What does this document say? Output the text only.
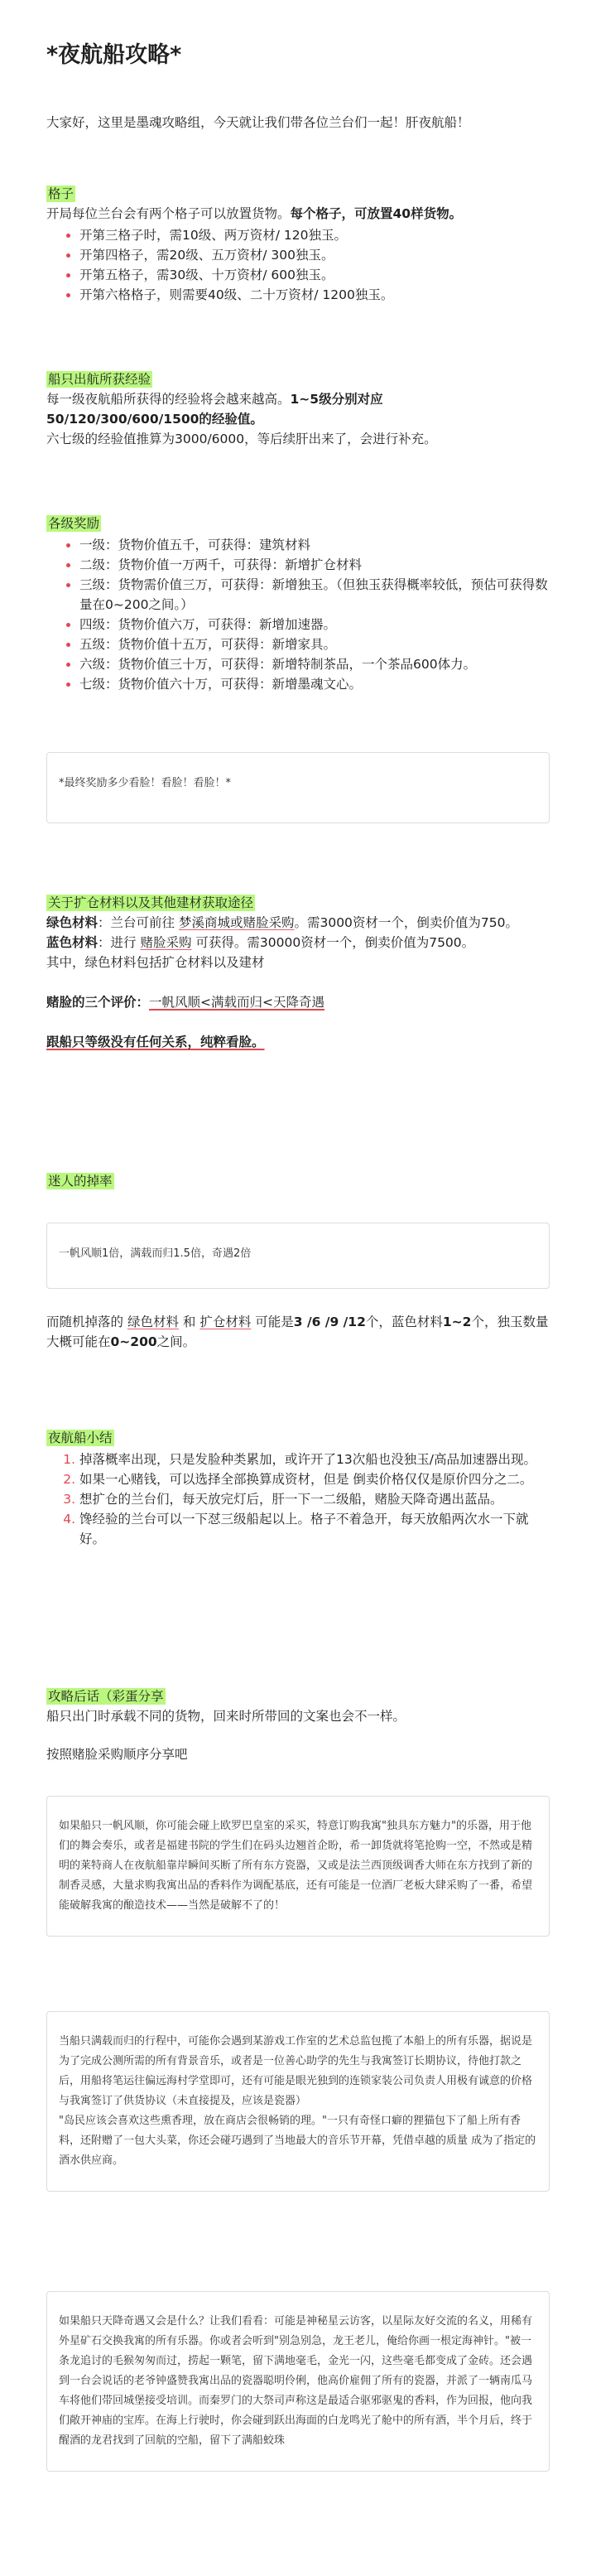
*夜航船攻略*

大家好，这里是墨魂攻略组，今天就让我们带各位兰台们一起！肝夜航船！

格子

开局每位兰台会有两个格子可以放置货物。每个格子，可放置40样货物。

• 开第三格子时，需10级、两万资材/ 120独玉。
• 开第四格子，需20级、五万资材/ 300独玉。
• 开第五格子，需30级、十万资材/ 600独玉。
• 开第六格格子，则需要40级、二十万资材/ 1200独玉。

船只出航所获经验

每一级夜航船所获得的经验将会越来越高。1~5级分别对应

50/120/300/600/1500的经验值。

六七级的经验值推算为3000/6000，等后续肝出来了，会进行补充。

各级奖励

• 一级：货物价值五千，可获得：建筑材料
• 二级：货物价值一万两千，可获得：新增扩仓材料
• 三级：货物需价值三万，可获得：新增独玉。（但独玉获得概率较低，预估可获得数量在0~200之间。）
• 四级：货物价值六万，可获得：新增加速器。
• 五级：货物价值十五万，可获得：新增家具。
• 六级：货物价值三十万，可获得：新增特制茶品，一个茶品600体力。
• 七级：货物价值六十万，可获得：新增墨魂文心。
*最终奖励多少看脸！看脸！看脸！*

关于扩仓材料以及其他建材获取途径

绿色材料：兰台可前往 梦溪商城或赌脸采购。需3000资材一个，倒卖价值为750。

蓝色材料：进行 赌脸采购 可获得。需30000资材一个，倒卖价值为7500。

其中，绿色材料包括扩仓材料以及建材

赌脸的三个评价：一帆风顺<满载而归<天降奇遇

跟船只等级没有任何关系，纯粹看脸。

迷人的掉率

一帆风顺1倍，满载而归1.5倍，奇遇2倍

而随机掉落的 绿色材料 和 扩仓材料 可能是3 /6 /9 /12个，蓝色材料1~2个，独玉数量大概可能在0~200之间。

夜航船小结

1. 掉落概率出现，只是发脸种类累加，或许开了13次船也没独玉/高品加速器出现。
2. 如果一心赌钱，可以选择全部换算成资材，但是 倒卖价格仅仅是原价四分之二。
3. 想扩仓的兰台们，每天放完灯后，肝一下一二级船，赌脸天降奇遇出蓝品。
4. 馋经验的兰台可以一下怼三级船起以上。格子不着急开，每天放船两次水一下就好。

攻略后话（彩蛋分享

船只出门时承载不同的货物，回来时所带回的文案也会不一样。

按照赌脸采购顺序分享吧

如果船只一帆风顺，你可能会碰上欧罗巴皇室的采买，特意订购我寓"独具东方魅力"的乐器，用于他们的舞会奏乐，或者是福建书院的学生们在码头边翘首企盼，希一卸货就将笔抢购一空，不然或是精明的莱特商人在夜航船靠岸瞬间买断了所有东方瓷器，又或是法兰西顶级调香大师在东方找到了新的制香灵感，大量求购我寓出品的香料作为调配基底，还有可能是一位酒厂老板大肆采购了一番，希望能破解我寓的酿造技术——当然是破解不了的！
当船只满载而归的行程中，可能你会遇到某游戏工作室的艺术总监包揽了本船上的所有乐器，据说是为了完成公测所需的所有背景音乐，或者是一位善心助学的先生与我寓签订长期协议，待他打款之后，用船将笔运往偏远海村学堂即可，还有可能是眼光独到的连锁家装公司负责人用极有诚意的价格与我寓签订了供货协议（未直接提及，应该是瓷器）
"岛民应该会喜欢这些熏香理，放在商店会很畅销的理。"一只有奇怪口癖的狸猫包下了船上所有香料，还附赠了一包大头菜，你还会碰巧遇到了当地最大的音乐节开幕，凭借卓越的质量 成为了指定的酒水供应商。
如果船只天降奇遇又会是什么？让我们看看：可能是神秘星云访客，以星际友好交流的名义，用稀有外星矿石交换我寓的所有乐器。你或者会听到"别急别急，龙王老儿，俺给你画一根定海神针。"被一条龙追讨的毛猴匆匆而过，捞起一颗笔，留下满地毫毛，金光一闪，这些毫毛都变成了金砖。还会遇到一台会说话的老爷钟盛赞我寓出品的瓷器聪明伶俐，他高价雇佣了所有的瓷器，并派了一辆南瓜马车将他们带回城堡接受培训。而秦罗门的大祭司声称这是最适合驱邪驱鬼的香料，作为回报，他向我们敞开神庙的宝库。在海上行驶时，你会碰到跃出海面的白龙鸣光了舱中的所有酒，半个月后，终于醒酒的龙君找到了回航的空船，留下了满船蛟珠
